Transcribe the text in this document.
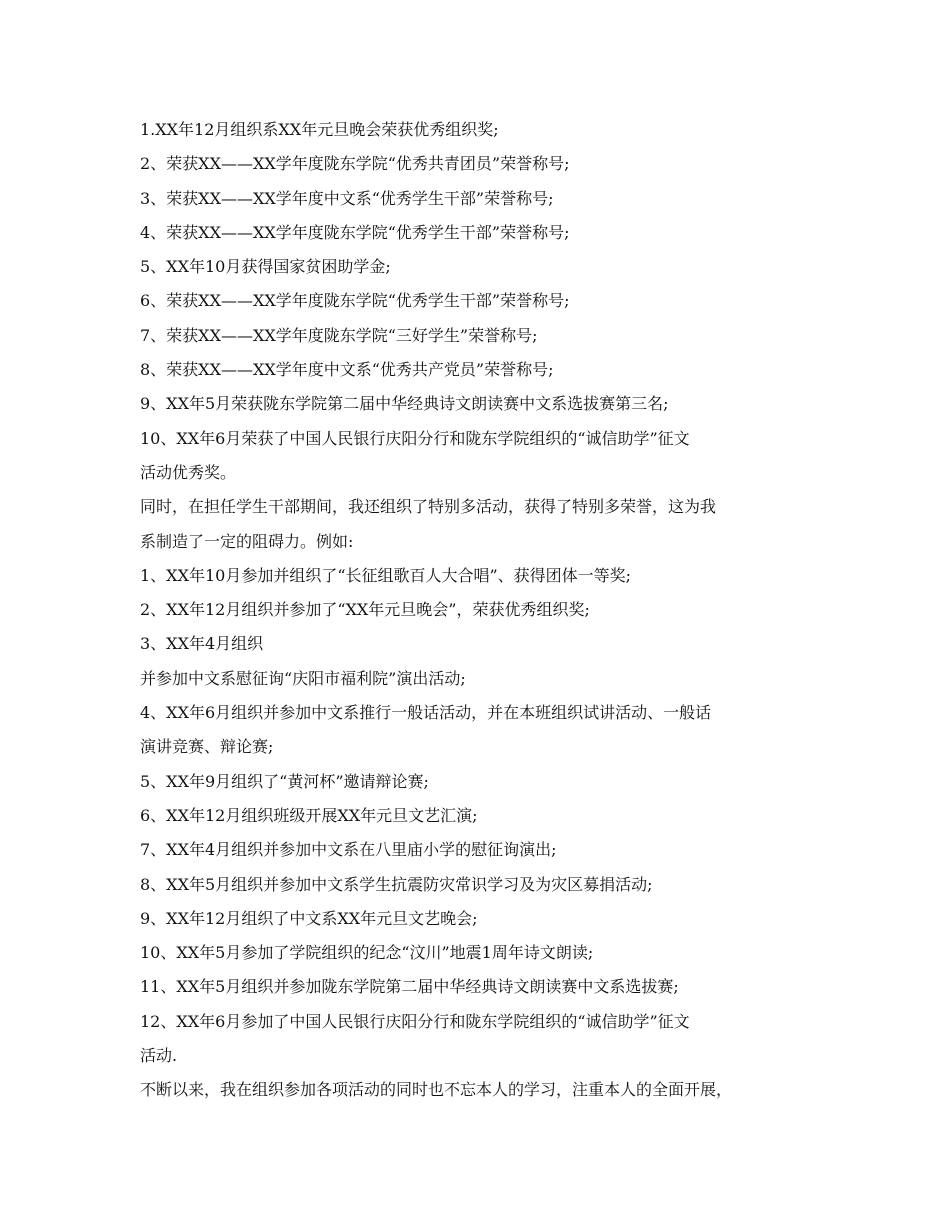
1.XX年12月组织系XX年元旦晚会荣获优秀组织奖;

2、荣获XX——XX学年度陇东学院“优秀共青团员”荣誉称号;

3、荣获XX——XX学年度中文系“优秀学生干部”荣誉称号;

4、荣获XX——XX学年度陇东学院“优秀学生干部”荣誉称号;

5、XX年10月获得国家贫困助学金;

6、荣获XX——XX学年度陇东学院“优秀学生干部”荣誉称号;

7、荣获XX——XX学年度陇东学院“三好学生”荣誉称号;

8、荣获XX——XX学年度中文系“优秀共产党员”荣誉称号;

9、XX年5月荣获陇东学院第二届中华经典诗文朗读赛中文系选拔赛第三名;

10、XX年6月荣获了中国人民银行庆阳分行和陇东学院组织的“诚信助学”征文

活动优秀奖。

同时，在担任学生干部期间，我还组织了特别多活动，获得了特别多荣誉，这为我

系制造了一定的阻碍力。例如:

1、XX年10月参加并组织了“长征组歌百人大合唱”、获得团体一等奖;

2、XX年12月组织并参加了“XX年元旦晚会”，荣获优秀组织奖;

3、XX年4月组织

并参加中文系慰征询“庆阳市福利院”演出活动;

4、XX年6月组织并参加中文系推行一般话活动，并在本班组织试讲活动、一般话

演讲竞赛、辩论赛;

5、XX年9月组织了“黄河杯”邀请辩论赛;

6、XX年12月组织班级开展XX年元旦文艺汇演;

7、XX年4月组织并参加中文系在八里庙小学的慰征询演出;

8、XX年5月组织并参加中文系学生抗震防灾常识学习及为灾区募捐活动;

9、XX年12月组织了中文系XX年元旦文艺晚会;

10、XX年5月参加了学院组织的纪念“汶川”地震1周年诗文朗读;

11、XX年5月组织并参加陇东学院第二届中华经典诗文朗读赛中文系选拔赛;

12、XX年6月参加了中国人民银行庆阳分行和陇东学院组织的“诚信助学”征文

活动.

不断以来，我在组织参加各项活动的同时也不忘本人的学习，注重本人的全面开展，
